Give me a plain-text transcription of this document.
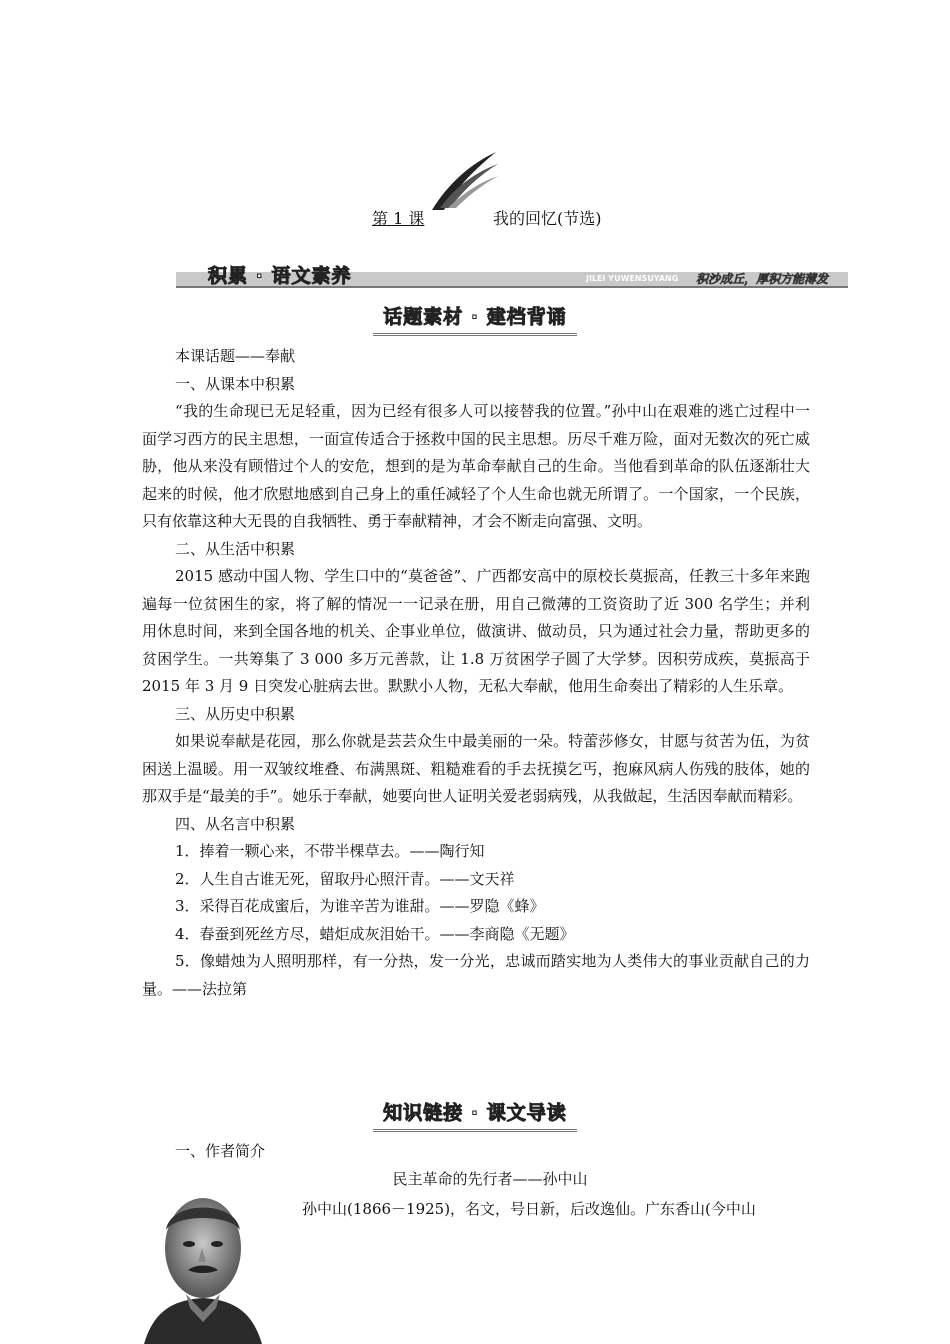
第 1 课	我的回忆(节选)
积累 · 语文素养	JILEI YUWENSUYANG 积沙成丘，厚积方能薄发
话题素材 · 建档背诵

本课话题——奉献

一、从课本中积累

“我的生命现已无足轻重，因为已经有很多人可以接替我的位置。”孙中山在艰难的逃亡过程中一面学习西方的民主思想，一面宣传适合于拯救中国的民主思想。历尽千难万险，面对无数次的死亡威胁，他从来没有顾惜过个人的安危，想到的是为革命奉献自己的生命。当他看到革命的队伍逐渐壮大起来的时候，他才欣慰地感到自己身上的重任减轻了个人生命也就无所谓了。一个国家，一个民族，只有依靠这种大无畏的自我牺牲、勇于奉献精神，才会不断走向富强、文明。

二、从生活中积累

2015 感动中国人物、学生口中的“莫爸爸”、广西都安高中的原校长莫振高，任教三十多年来跑遍每一位贫困生的家，将了解的情况一一记录在册，用自己微薄的工资资助了近 300 名学生；并利用休息时间，来到全国各地的机关、企事业单位，做演讲、做动员，只为通过社会力量，帮助更多的贫困学生。一共筹集了 3 000 多万元善款，让 1.8 万贫困学子圆了大学梦。因积劳成疾，莫振高于 2015 年 3 月 9 日突发心脏病去世。默默小人物，无私大奉献，他用生命奏出了精彩的人生乐章。

三、从历史中积累

如果说奉献是花园，那么你就是芸芸众生中最美丽的一朵。特蕾莎修女，甘愿与贫苦为伍，为贫困送上温暖。用一双皱纹堆叠、布满黑斑、粗糙难看的手去抚摸乞丐，抱麻风病人伤残的肢体，她的那双手是“最美的手”。她乐于奉献，她要向世人证明关爱老弱病残，从我做起，生活因奉献而精彩。

四、从名言中积累

1．捧着一颗心来，不带半棵草去。——陶行知

2．人生自古谁无死，留取丹心照汗青。——文天祥

3．采得百花成蜜后，为谁辛苦为谁甜。——罗隐《蜂》

4．春蚕到死丝方尽，蜡炬成灰泪始干。——李商隐《无题》

5．像蜡烛为人照明那样，有一分热，发一分光，忠诚而踏实地为人类伟大的事业贡献自己的力量。——法拉第

知识链接 · 课文导读

一、作者简介

民主革命的先行者——孙中山
孙中山(1866－1925)，名文，号日新，后改逸仙。广东香山(今中山
